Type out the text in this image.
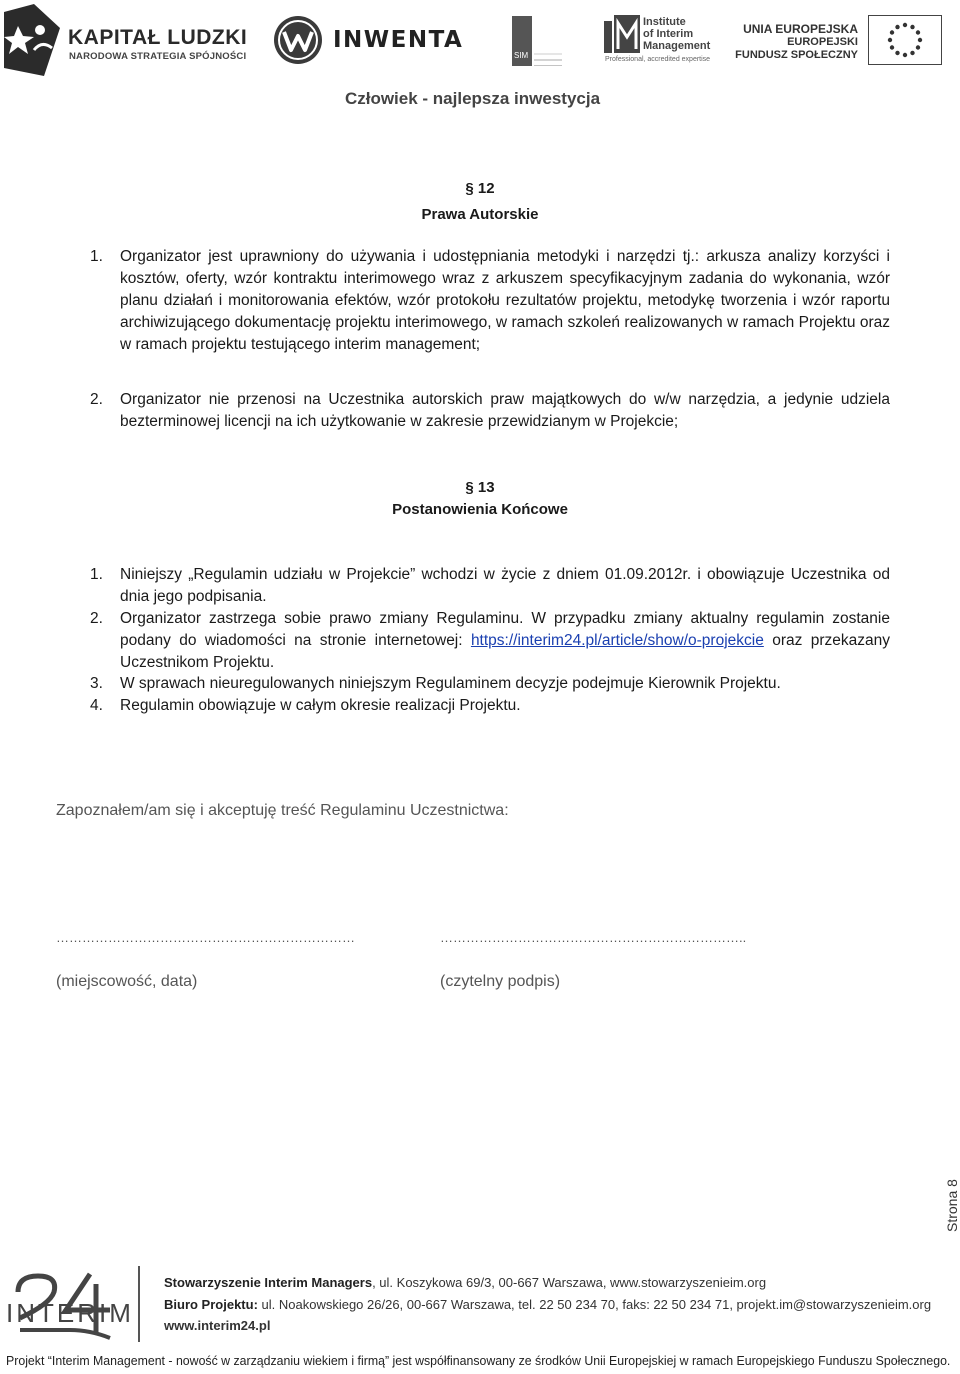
KAPITAŁ LUDZKI
NARODOWA STRATEGIA SPÓJNOŚCI
INWENTA
SIM
Institute
of Interim
Management
Professional, accredited expertise
UNIA EUROPEJSKA
EUROPEJSKI
FUNDUSZ SPOŁECZNY
Człowiek - najlepsza inwestycja
§ 12
Prawa Autorskie
1. Organizator jest uprawniony do używania i udostępniania metodyki i narzędzi tj.: arkusza analizy korzyści i kosztów, oferty, wzór kontraktu interimowego wraz z arkuszem specyfikacyjnym zadania do wykonania, wzór planu działań i monitorowania efektów, wzór protokołu rezultatów projektu, metodykę tworzenia i wzór raportu archiwizującego dokumentację projektu interimowego, w ramach szkoleń realizowanych w ramach Projektu oraz w ramach projektu testującego interim management;
2. Organizator nie przenosi na Uczestnika autorskich praw majątkowych do w/w narzędzia, a jedynie udziela bezterminowej licencji na ich użytkowanie w zakresie przewidzianym w Projekcie;
§ 13
Postanowienia Końcowe
1. Niniejszy „Regulamin udziału w Projekcie” wchodzi w życie z dniem 01.09.2012r. i obowiązuje Uczestnika od dnia jego podpisania.
2. Organizator zastrzega sobie prawo zmiany Regulaminu. W przypadku zmiany aktualny regulamin zostanie podany do wiadomości na stronie internetowej: https://interim24.pl/article/show/o-projekcie oraz przekazany Uczestnikom Projektu.
3. W sprawach nieuregulowanych niniejszym Regulaminem decyzje podejmuje Kierownik Projektu.
4. Regulamin obowiązuje w całym okresie realizacji Projektu.
Zapoznałem/am się i akceptuję treść Regulaminu Uczestnictwa:
……………………………………………………………	……………………………………………………………..
(miejscowość, data)	(czytelny podpis)
Strona 8
INTERIM
Stowarzyszenie Interim Managers, ul. Koszykowa 69/3, 00-667 Warszawa, www.stowarzyszenieim.org
Biuro Projektu: ul. Noakowskiego 26/26, 00-667 Warszawa, tel. 22 50 234 70, faks: 22 50 234 71, projekt.im@stowarzyszenieim.org
www.interim24.pl
Projekt “Interim Management - nowość w zarządzaniu wiekiem i firmą” jest współfinansowany ze środków Unii Europejskiej w ramach Europejskiego Funduszu Społecznego.
